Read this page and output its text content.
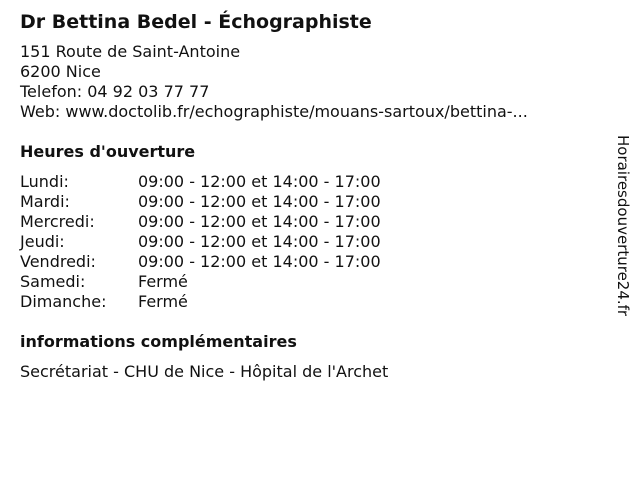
Dr Bettina Bedel - Échographiste
151 Route de Saint-Antoine
6200 Nice
Telefon: 04 92 03 77 77
Web: www.doctolib.fr/echographiste/mouans-sartoux/bettina-...
Heures d'ouverture
Lundi:	09:00 - 12:00 et 14:00 - 17:00
Mardi:	09:00 - 12:00 et 14:00 - 17:00
Mercredi:	09:00 - 12:00 et 14:00 - 17:00
Jeudi:	09:00 - 12:00 et 14:00 - 17:00
Vendredi:	09:00 - 12:00 et 14:00 - 17:00
Samedi:	Fermé
Dimanche:	Fermé
informations complémentaires
Secrétariat - CHU de Nice - Hôpital de l'Archet
Horairesdouverture24.fr
